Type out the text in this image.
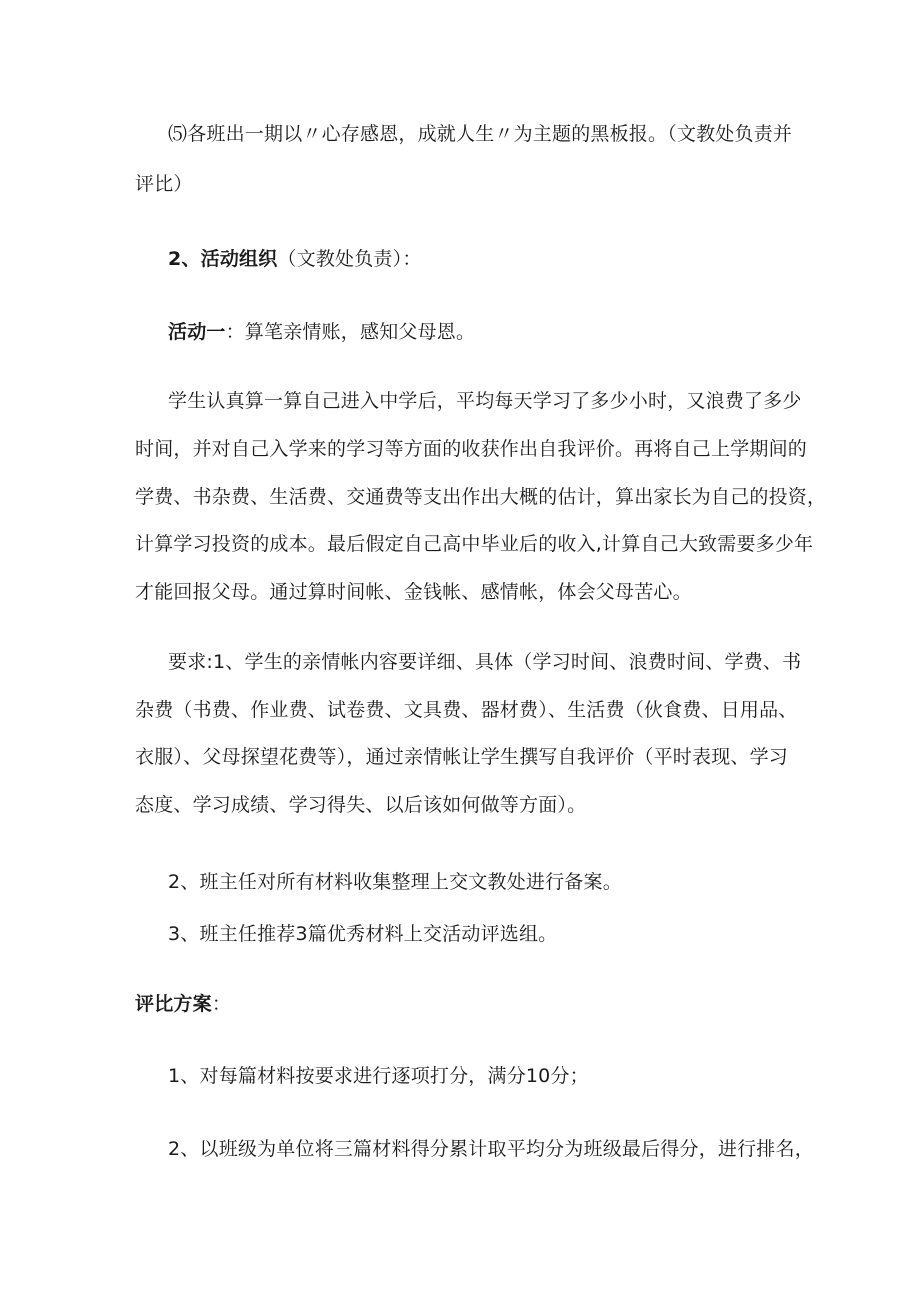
⑸各班出一期以〃心存感恩，成就人生〃为主题的黑板报。（文教处负责并
评比）
2、活动组织（文教处负责）：
活动一：算笔亲情账，感知父母恩。
学生认真算一算自己进入中学后，平均每天学习了多少小时，又浪费了多少
时间，并对自己入学来的学习等方面的收获作出自我评价。再将自己上学期间的
学费、书杂费、生活费、交通费等支出作出大概的估计，算出家长为自己的投资，
计算学习投资的成本。最后假定自己高中毕业后的收入,计算自己大致需要多少年
才能回报父母。通过算时间帐、金钱帐、感情帐，体会父母苦心。
要求:1、学生的亲情帐内容要详细、具体（学习时间、浪费时间、学费、书
杂费（书费、作业费、试卷费、文具费、器材费）、生活费（伙食费、日用品、
衣服）、父母探望花费等），通过亲情帐让学生撰写自我评价（平时表现、学习
态度、学习成绩、学习得失、以后该如何做等方面）。
2、班主任对所有材料收集整理上交文教处进行备案。
3、班主任推荐3篇优秀材料上交活动评选组。
评比方案：
1、对每篇材料按要求进行逐项打分，满分10分；
2、以班级为单位将三篇材料得分累计取平均分为班级最后得分，进行排名，
